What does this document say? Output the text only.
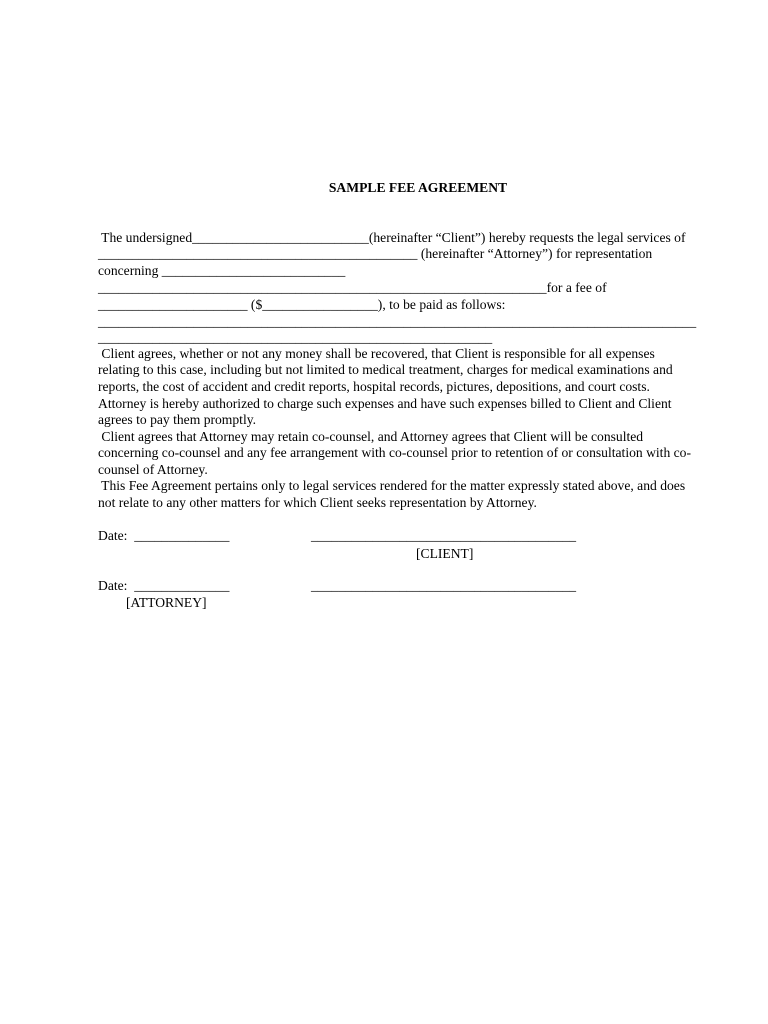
SAMPLE FEE AGREEMENT
The undersigned__________________________(hereinafter “Client”) hereby requests the legal services of
_______________________________________________ (hereinafter “Attorney”) for representation
concerning ___________________________
__________________________________________________________________for a fee of
______________________ ($_________________), to be paid as follows:
________________________________________________________________________________________
__________________________________________________________
Client agrees, whether or not any money shall be recovered, that Client is responsible for all expenses
relating to this case, including but not limited to medical treatment, charges for medical examinations and
reports, the cost of accident and credit reports, hospital records, pictures, depositions, and court costs.
Attorney is hereby authorized to charge such expenses and have such expenses billed to Client and Client
agrees to pay them promptly.
Client agrees that Attorney may retain co-counsel, and Attorney agrees that Client will be consulted
concerning co-counsel and any fee arrangement with co-counsel prior to retention of or consultation with co-
counsel of Attorney.
This Fee Agreement pertains only to legal services rendered for the matter expressly stated above, and does
not relate to any other matters for which Client seeks representation by Attorney.
Date:  ______________	_______________________________________
[CLIENT]
Date:  ______________	_______________________________________
[ATTORNEY]
